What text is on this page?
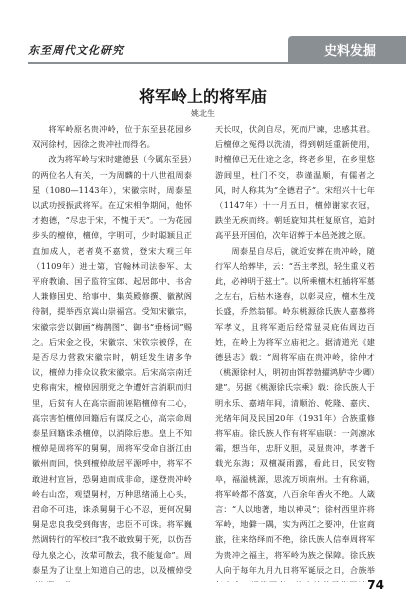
东至周代文化研究	史料发掘
将军岭上的将军庙
姚北生

将军岭原名贵冲岭，位于东至县花园乡双河徐村，因徐之贵冲社而得名。

改为将军岭与宋时建德县（今属东至县）的两位名人有关，一为周麟的十八世祖周泰星（1080—1143年），宋徽宗时，周泰星以武功授振武将军。在辽宋相争期间，他怀才抱德，“尽忠于宋，不愧于天”。一为花园步头的檀倬，檀倬，字明可，少时聪颖且正直加成人，老者莫不嘉赏，登宋大观三年（1109年）进士第，官翰林司法参军、太平府教谕、国子监符宝郎、起居郎中、书舍人兼修国史、给事中、集英殿修撰、徽猷阁待制，提举西京嵩山崇福宫。受知宋徽宗，宋徽宗尝以御画“梅鹊图”、御书“垂杨词”赐之。后宋金之役，宋徽宗、宋钦宗被俘，在是否尽力营救宋徽宗时，朝廷发生诸多争议，檀倬力排众议救宋徽宗。后宋高宗南迁史称南宋，檀倬因朋党之争遭奸言消职而归里，后贫有人在高宗面前诬陷檀倬有二心，高宗害怕檀倬回籍后有谋反之心，高宗命周泰星回籍诛杀檀倬，以消除后患。皇上不知檀倬是周将军的舅舅，周将军受命自浙江由徽州而回，快到檀倬故居平源呼中，将军不敢进村宣旨，恐舅迪而成非命，遂登贵冲岭岭右山峦，观望舅村，万种思绪涌上心头，君命不可违，诛杀舅舅于心不忍，更何况舅舅是忠良我受到侮害，忠臣不可诛。将军巍然调转行的军校曰“我不敢致舅于死，以伤吾母九泉之心，汝辈可散去，我不能复命”。周泰星为了让皇上知道自己的忠，以及檀倬受

天长叹，伏剑自尽，死而尸谏，忠感其君。后檀倬之冤得以洗清，得到朝廷重新使用，时檀倬已无仕途之念，终老乡里，在乡里悠游闾里，杜门不交，恭谨温顺，有儒者之风，时人称其为“全德君子”。宋绍兴十七年（1147年）十一月五日，檀倬谢家衣冠，跌坐无疾而终。朝廷旋知其枉复原官，追封高平县开国伯，次年诏葬于本邑尧渡之原。

周泰星自尽后，就近安葬在贵冲岭，随行军人给葬毕，云：“吾主孝烈，轻生重义若此，必神明于兹土”。以所乘檀木杠插将军墓之左右，后枯木逢春，以彰灵应，檀木生茂长盛，乔然翁郁。岭东桃源徐氏族人嘉慕将军孝义，且将军逝后经常显灵庇佑周边百姓，在岭上为将军立庙祀之。据清道光《建德县志》载：“周将军庙在贵冲岭，徐仲才（桃源徐村人，明初由饵荐勃擢鸿胪寺少卿）建”。另据《桃源徐氏宗乘》载：徐氏族人于明永乐、嘉靖年间，清顺治、乾隆、嘉庆、光绪年间及民国20年（1931年）合族重修将军庙。徐氏族人作有将军庙联：一剑凛冰霜，想当年，忠肝义胆，灵显贵冲，孝著千载光东海；双檀凝雨露，看此日，民安物阜，福溢桃源，思流万顷南州。士有称诵，将军岭都不落寞，八百余年香火不绝。人箴言：“人以地著，地以神灵”；徐村西里许将军岭，地僻一隅，实为两江之要冲，仕宦商旅，往来络绎而不绝，徐氏族人信奉周将军为贵冲之福主，将军岭为族之保障。徐氏族人向于每年九月九日将军诞辰之日，合族举

74
